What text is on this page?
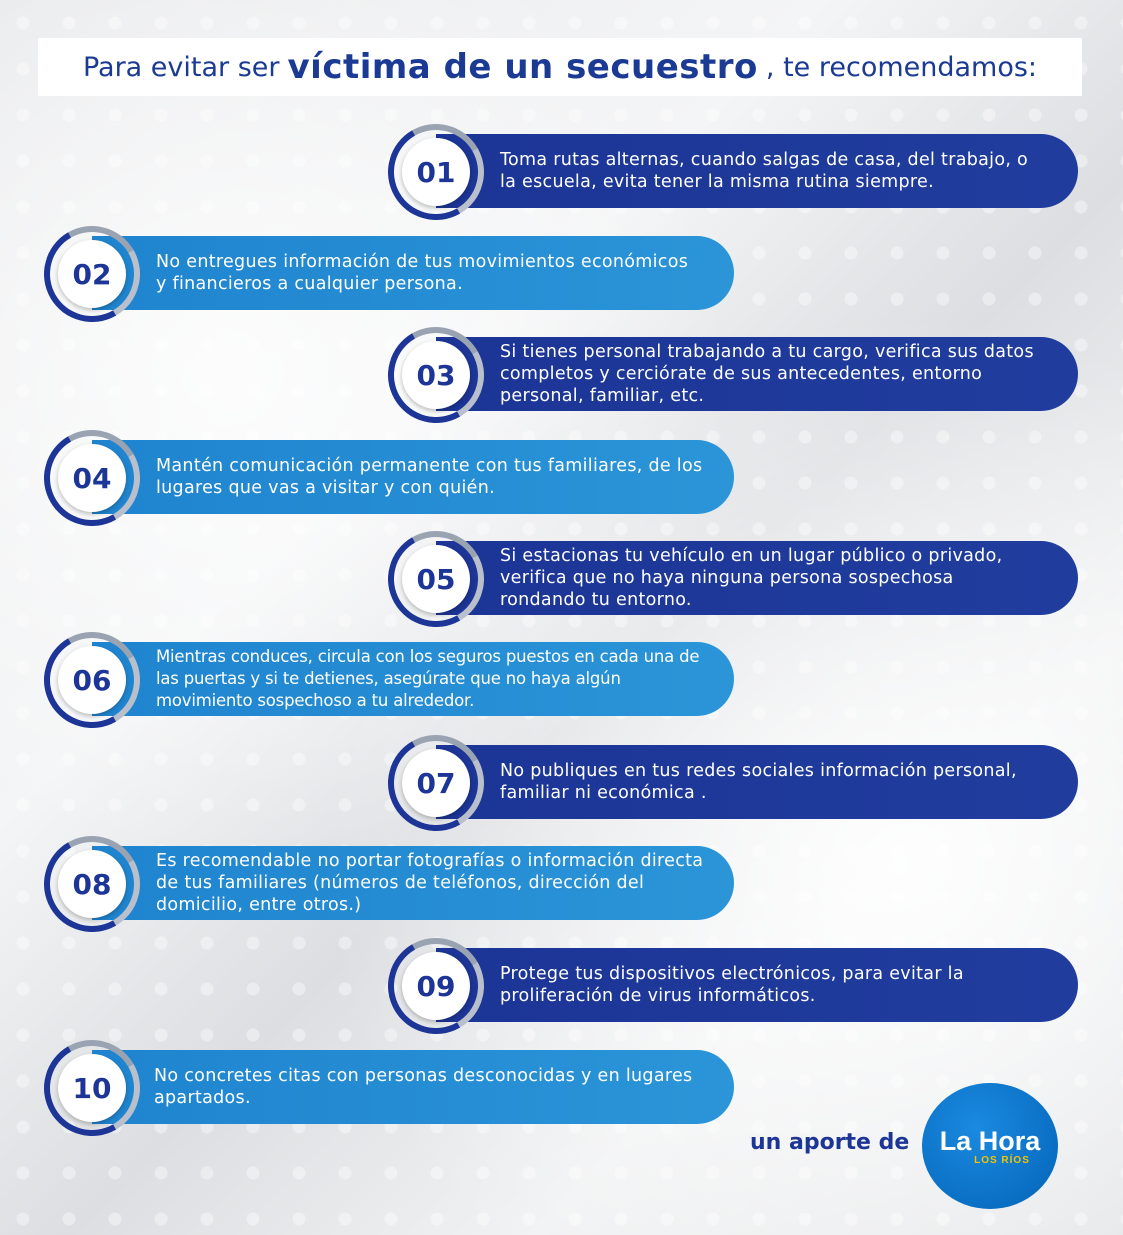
Para evitar ser víctima de un secuestro , te recomendamos:
Toma rutas alternas, cuando salgas de casa, del trabajo, o la escuela, evita tener la misma rutina siempre.
01
No entregues información de tus movimientos económicos y financieros a cualquier persona.
02
Si tienes personal trabajando a tu cargo, verifica sus datos completos y cerciórate de sus antecedentes, entorno personal, familiar, etc.
03
Mantén comunicación permanente con tus familiares, de los lugares que vas a visitar y con quién.
04
Si estacionas tu vehículo en un lugar público o privado, verifica que no haya ninguna persona sospechosa rondando tu entorno.
05
Mientras conduces, circula con los seguros puestos en cada una de las puertas y si te detienes, asegúrate que no haya algún movimiento sospechoso a tu alrededor.
06
No publiques en tus redes sociales información personal, familiar ni económica .
07
Es recomendable no portar fotografías o información directa de tus familiares (números de teléfonos, dirección del domicilio, entre otros.)
08
Protege tus dispositivos electrónicos, para evitar la proliferación de virus informáticos.
09
No concretes citas con personas desconocidas y en lugares apartados.
10
un aporte de La Hora
LOS RÍOS
